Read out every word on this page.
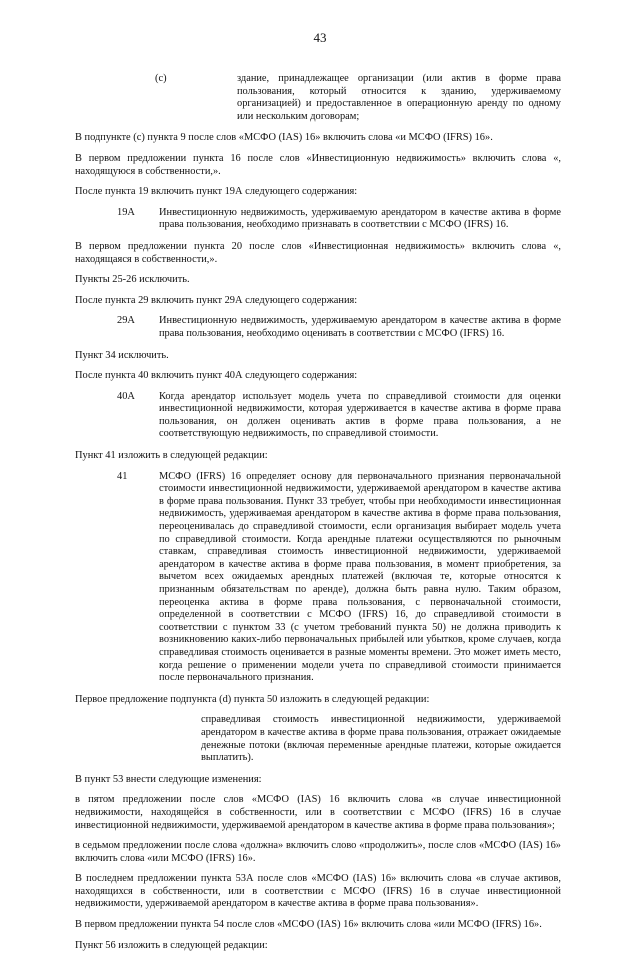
43
(c)	здание, принадлежащее организации (или актив в форме права пользования, который относится к зданию, удерживаемому организацией) и предоставленное в операционную аренду по одному или нескольким договорам;

В подпункте (c) пункта 9 после слов «МСФО (IAS) 16» включить слова «и МСФО (IFRS) 16».

В первом предложении пункта 16 после слов «Инвестиционную недвижимость» включить слова «, находящуюся в собственности,».

После пункта 19 включить пункт 19А следующего содержания:

19А	Инвестиционную недвижимость, удерживаемую арендатором в качестве актива в форме права пользования, необходимо признавать в соответствии с МСФО (IFRS) 16.

В первом предложении пункта 20 после слов «Инвестиционная недвижимость» включить слова «, находящаяся в собственности,».

Пункты 25-26 исключить.

После пункта 29 включить пункт 29А следующего содержания:

29А	Инвестиционную недвижимость, удерживаемую арендатором в качестве актива в форме права пользования, необходимо оценивать в соответствии с МСФО (IFRS) 16.

Пункт 34 исключить.

После пункта 40 включить пункт 40А следующего содержания:

40А	Когда арендатор использует модель учета по справедливой стоимости для оценки инвестиционной недвижимости, которая удерживается в качестве актива в форме права пользования, он должен оценивать актив в форме права пользования, а не соответствующую недвижимость, по справедливой стоимости.

Пункт 41 изложить в следующей редакции:

41	МСФО (IFRS) 16 определяет основу для первоначального признания первоначальной стоимости инвестиционной недвижимости, удерживаемой арендатором в качестве актива в форме права пользования. Пункт 33 требует, чтобы при необходимости инвестиционная недвижимость, удерживаемая арендатором в качестве актива в форме права пользования, переоценивалась до справедливой стоимости, если организация выбирает модель учета по справедливой стоимости. Когда арендные платежи осуществляются по рыночным ставкам, справедливая стоимость инвестиционной недвижимости, удерживаемой арендатором в качестве актива в форме права пользования, в момент приобретения, за вычетом всех ожидаемых арендных платежей (включая те, которые относятся к признанным обязательствам по аренде), должна быть равна нулю. Таким образом, переоценка актива в форме права пользования, с первоначальной стоимости, определенной в соответствии с МСФО (IFRS) 16, до справедливой стоимости в соответствии с пунктом 33 (с учетом требований пункта 50) не должна приводить к возникновению каких-либо первоначальных прибылей или убытков, кроме случаев, когда справедливая стоимость оценивается в разные моменты времени. Это может иметь место, когда решение о применении модели учета по справедливой стоимости принимается после первоначального признания.

Первое предложение подпункта (d) пункта 50 изложить в следующей редакции:

справедливая стоимость инвестиционной недвижимости, удерживаемой арендатором в качестве актива в форме права пользования, отражает ожидаемые денежные потоки (включая переменные арендные платежи, которые ожидается выплатить).

В пункт 53 внести следующие изменения:

в пятом предложении после слов «МСФО (IAS) 16 включить слова «в случае инвестиционной недвижимости, находящейся в собственности, или в соответствии с МСФО (IFRS) 16 в случае инвестиционной недвижимости, удерживаемой арендатором в качестве актива в форме права пользования»;

в седьмом предложении после слова «должна» включить слово «продолжить», после слов «МСФО (IAS) 16» включить слова «или МСФО (IFRS) 16».

В последнем предложении пункта 53А после слов «МСФО (IAS) 16» включить слова «в случае активов, находящихся в собственности, или в соответствии с МСФО (IFRS) 16 в случае инвестиционной недвижимости, удерживаемой арендатором в качестве актива в форме права пользования».

В первом предложении пункта 54 после слов «МСФО (IAS) 16» включить слова «или МСФО (IFRS) 16».

Пункт 56 изложить в следующей редакции:
